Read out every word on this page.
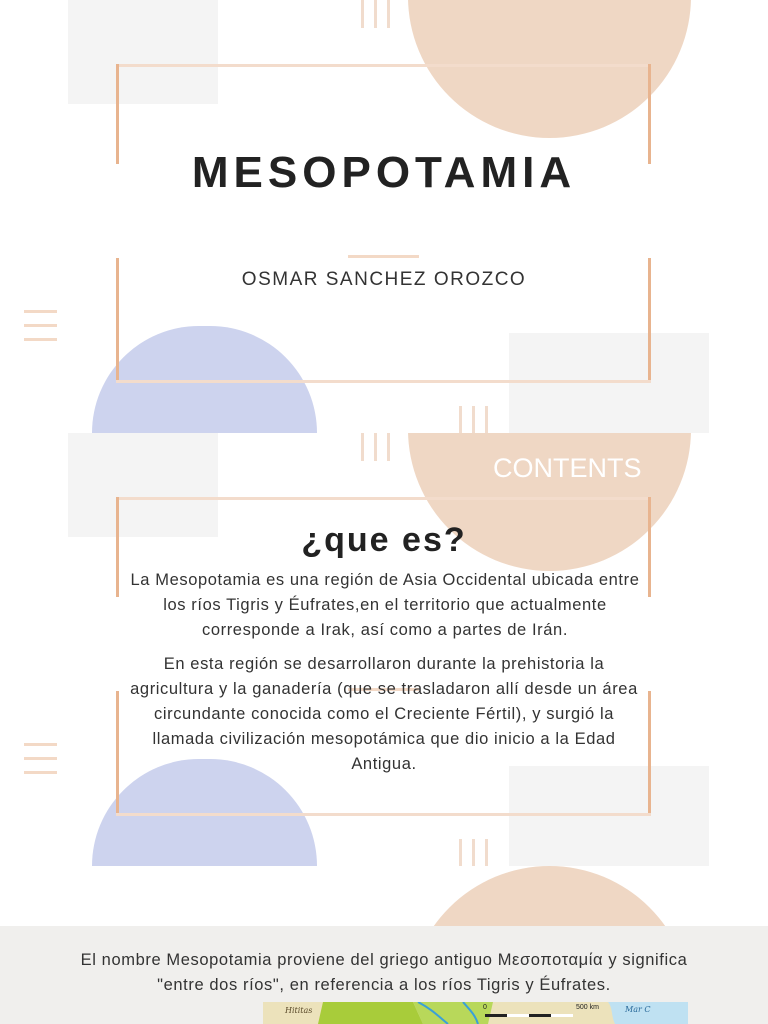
MESOPOTAMIA
OSMAR SANCHEZ OROZCO
CONTENTS
¿que es?

La Mesopotamia es una región de Asia Occidental ubicada entre los ríos Tigris y Éufrates,en el territorio que actualmente corresponde a Irak, así como a partes de Irán.

En esta región se desarrollaron durante la prehistoria la agricultura y la ganadería (que se trasladaron allí desde un área circundante conocida como el Creciente Fértil), y surgió la llamada civilización mesopotámica que dio inicio a la Edad Antigua.

El nombre Mesopotamia proviene del griego antiguo Μεσοποταμία y significa "entre dos ríos", en referencia a los ríos Tigris y Éufrates.

Hititas	0	500 km	Mar C
